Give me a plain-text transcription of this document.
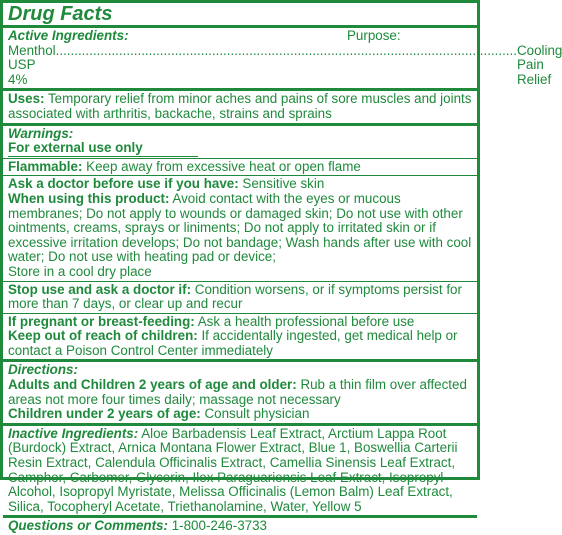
Drug Facts
Active Ingredients:	Purpose:
Menthol USP 4%
.....
Cooling Pain Relief

Uses: Temporary relief from minor aches and pains of sore muscles and joints associated with arthritis, backache, strains and sprains

Warnings:
For external use only

Flammable: Keep away from excessive heat or open flame

Ask a doctor before use if you have: Sensitive skin

When using this product: Avoid contact with the eyes or mucous membranes; Do not apply to wounds or damaged skin; Do not use with other ointments, creams, sprays or liniments; Do not apply to irritated skin or if excessive irritation develops; Do not bandage; Wash hands after use with cool water; Do not use with heating pad or device;

Store in a cool dry place

Stop use and ask a doctor if: Condition worsens, or if symptoms persist for more than 7 days, or clear up and recur

If pregnant or breast-feeding: Ask a health professional before use

Keep out of reach of children: If accidentally ingested, get medical help or contact a Poison Control Center immediately

Directions:

Adults and Children 2 years of age and older: Rub a thin film over affected areas not more four times daily; massage not necessary

Children under 2 years of age: Consult physician

Inactive Ingredients: Aloe Barbadensis Leaf Extract, Arctium Lappa Root (Burdock) Extract, Arnica Montana Flower Extract, Blue 1, Boswellia Carterii Resin Extract, Calendula Officinalis Extract, Camellia Sinensis Leaf Extract, Camphor, Carbomer, Glycerin, Ilex Paraguariensis Leaf Extract, Isopropyl Alcohol, Isopropyl Myristate, Melissa Officinalis (Lemon Balm) Leaf Extract, Silica, Tocopheryl Acetate, Triethanolamine, Water, Yellow 5

Questions or Comments: 1-800-246-3733
